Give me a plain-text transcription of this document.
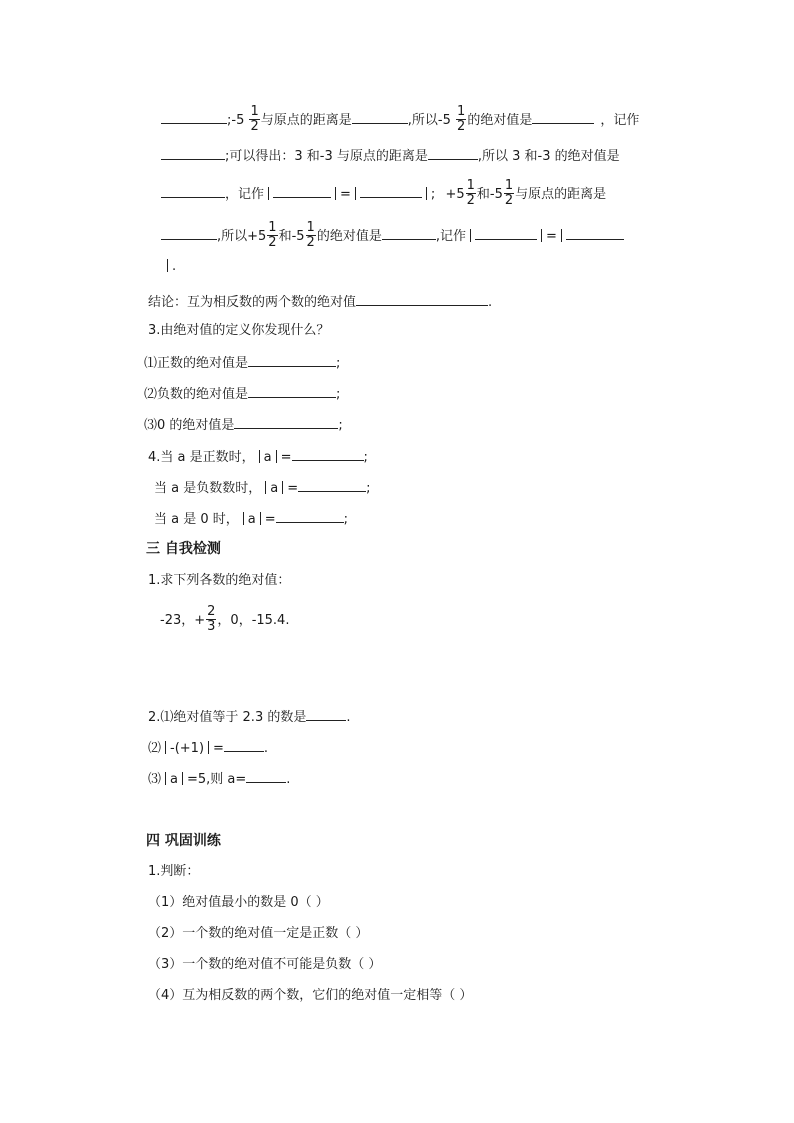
;-5 $\frac{1}{2}$ 与原点的距离是	,所以$-5 \frac{1}{2}$ 的绝对值是	，记作
;可以得出：3 和-3 与原点的距离是	,所以 3 和-3 的绝对值是
，记作	=	; $+5 \frac{1}{2}$ 和$-5 \frac{1}{2}$ 与原点的距离是
,所以$+5 \frac{1}{2}$ 和$-5 \frac{1}{2}$ 的绝对值是	,记作	=
.
结论：互为相反数的两个数的绝对值	.
3.由绝对值的定义你发现什么？
⑴正数的绝对值是	;
⑵负数的绝对值是	;
⑶0 的绝对值是	;
4.当 a 是正数时， a =	;
当 a 是负数数时， a =	;
当 a 是 0 时， a =	;
三 自我检测
1.求下列各数的绝对值：
-23，+ $\frac{2}{3}$ ，0，-15.4.
2.⑴绝对值等于 2.3 的数是	.
⑵ -(+1) =	.
⑶ a =5,则 a=	.
四 巩固训练
1.判断：
（1）绝对值最小的数是 0（ ）
（2）一个数的绝对值一定是正数（ ）
（3）一个数的绝对值不可能是负数（ ）
（4）互为相反数的两个数，它们的绝对值一定相等（ ）
